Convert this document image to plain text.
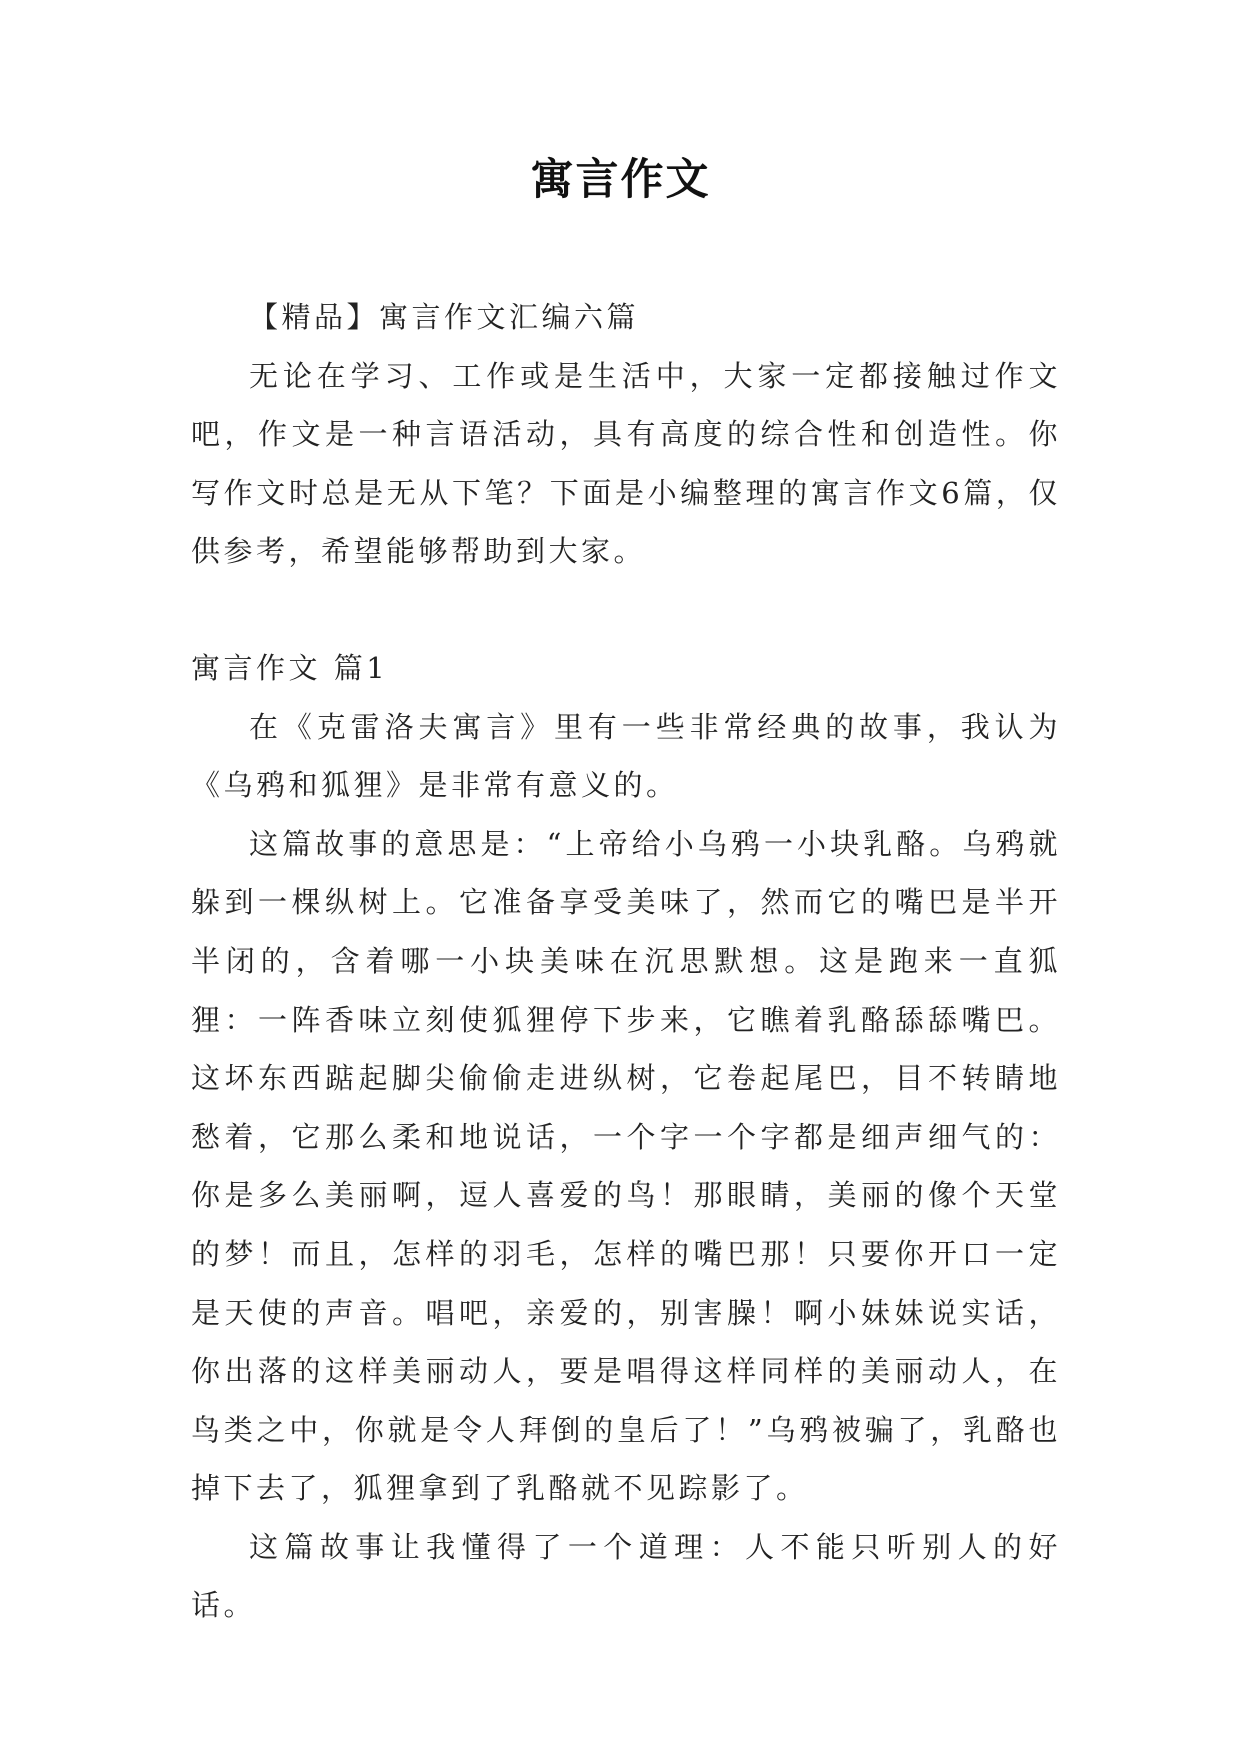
寓言作文

【精品】寓言作文汇编六篇

无论在学习、工作或是生活中，大家一定都接触过作文吧，作文是一种言语活动，具有高度的综合性和创造性。你写作文时总是无从下笔？下面是小编整理的寓言作文6篇，仅供参考，希望能够帮助到大家。

寓言作文 篇1

在《克雷洛夫寓言》里有一些非常经典的故事，我认为《乌鸦和狐狸》是非常有意义的。

这篇故事的意思是：“上帝给小乌鸦一小块乳酪。乌鸦就躲到一棵纵树上。它准备享受美味了，然而它的嘴巴是半开半闭的，含着哪一小块美味在沉思默想。这是跑来一直狐狸：一阵香味立刻使狐狸停下步来，它瞧着乳酪舔舔嘴巴。这坏东西踮起脚尖偷偷走进纵树，它卷起尾巴，目不转睛地愁着，它那么柔和地说话，一个字一个字都是细声细气的：你是多么美丽啊，逗人喜爱的鸟！那眼睛，美丽的像个天堂的梦！而且，怎样的羽毛，怎样的嘴巴那！只要你开口一定是天使的声音。唱吧，亲爱的，别害臊！啊小妹妹说实话，你出落的这样美丽动人，要是唱得这样同样的美丽动人，在鸟类之中，你就是令人拜倒的皇后了！”乌鸦被骗了，乳酪也掉下去了，狐狸拿到了乳酪就不见踪影了。

这篇故事让我懂得了一个道理：人不能只听别人的好话。
